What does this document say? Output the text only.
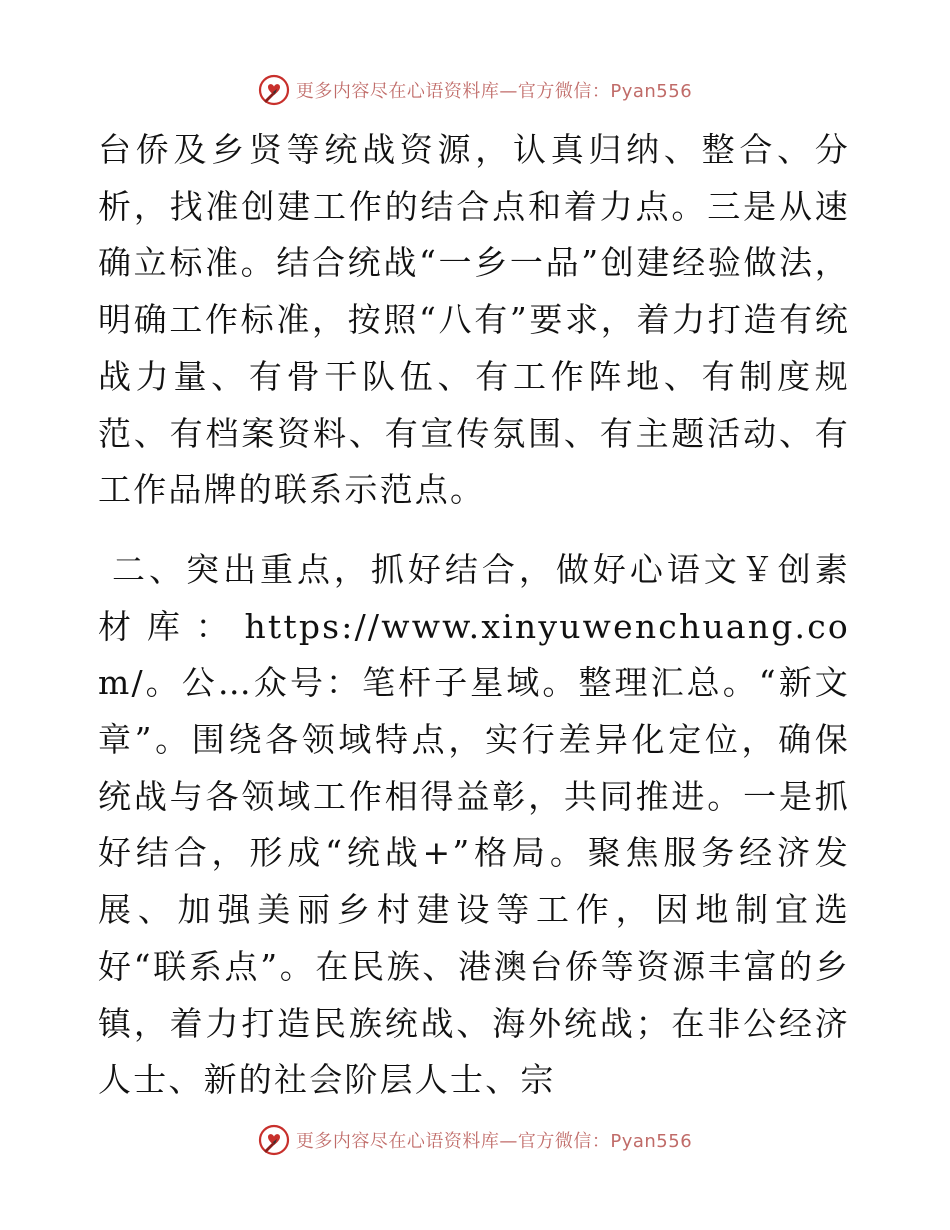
更多内容尽在心语资料库—官方微信：Pyan556

台侨及乡贤等统战资源，认真归纳、整合、分析，找准创建工作的结合点和着力点。三是从速确立标准。结合统战“一乡一品”创建经验做法，明确工作标准，按照“八有”要求，着力打造有统战力量、有骨干队伍、有工作阵地、有制度规范、有档案资料、有宣传氛围、有主题活动、有工作品牌的联系示范点。

二、突出重点，抓好结合，做好心语文￥创素材库：https://www.xinyuwenchuang.com/。公…众号：笔杆子星域。整理汇总。“新文章”。围绕各领域特点，实行差异化定位，确保统战与各领域工作相得益彰，共同推进。一是抓好结合，形成“统战+”格局。聚焦服务经济发展、加强美丽乡村建设等工作，因地制宜选好“联系点”。在民族、港澳台侨等资源丰富的乡镇，着力打造民族统战、海外统战；在非公经济人士、新的社会阶层人士、宗

更多内容尽在心语资料库—官方微信：Pyan556
